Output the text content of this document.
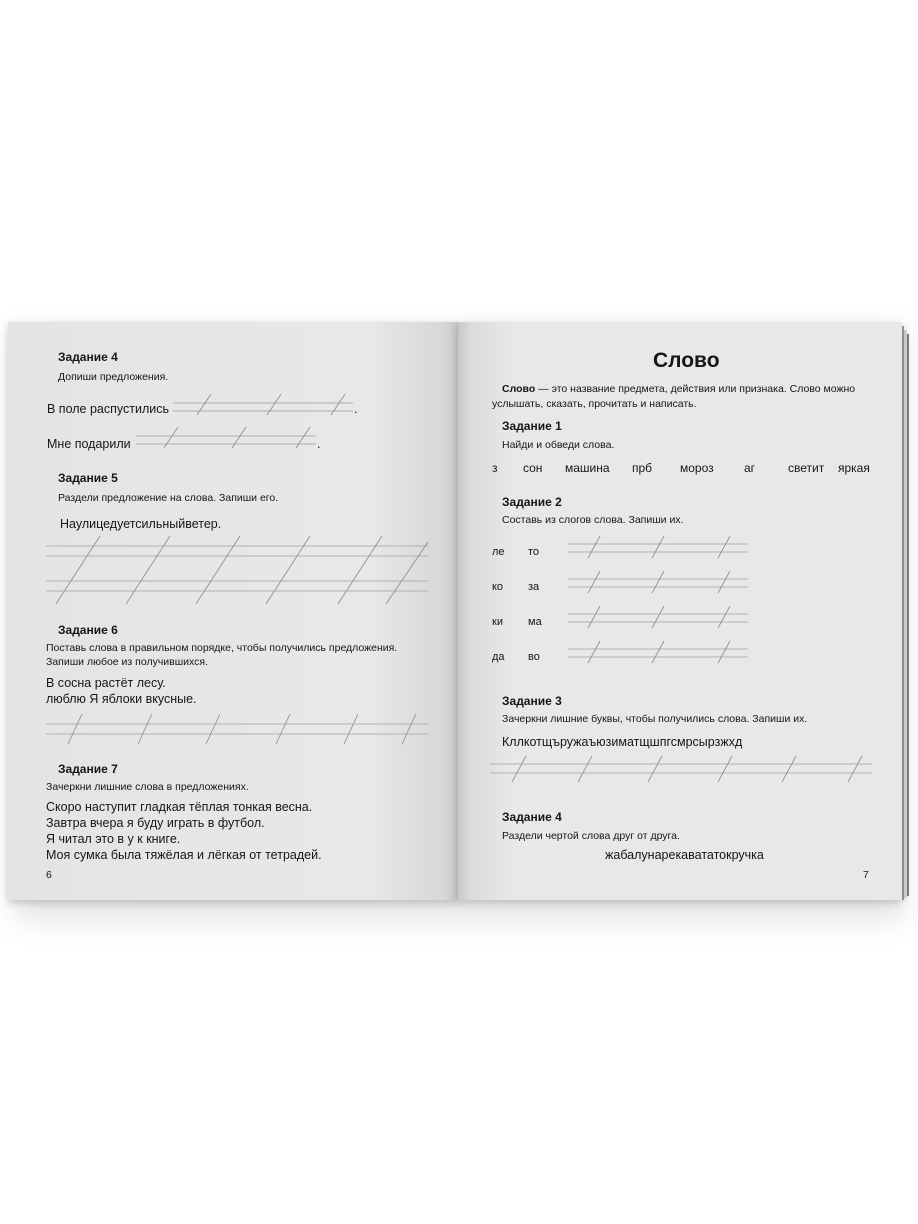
Задание 4
Допиши предложения.
В поле распустились	.
Мне подарили	.
Задание 5
Раздели предложение на слова. Запиши его.
Наулицедуетсильныйветер.
Задание 6
Поставь слова в правильном порядке, чтобы получились предложения.
Запиши любое из получившихся.
В сосна растёт лесу.
люблю Я яблоки вкусные.
Задание 7
Зачеркни лишние слова в предложениях.
Скоро наступит гладкая тёплая тонкая весна.
Завтра вчера я буду играть в футбол.
Я читал это в у к книге.
Моя сумка была тяжёлая и лёгкая от тетрадей.
6
Слово
Слово — это название предмета, действия или признака. Слово можно
услышать, сказать, прочитать и написать.
Задание 1
Найди и обведи слова.
з сон машина прб мороз	аг	светит яркая
Задание 2
Составь из слогов слова. Запиши их.
ле то
ко за
ки ма
да во
Задание 3
Зачеркни лишние буквы, чтобы получились слова. Запиши их.
Кллкотщъружаъюзиматщшпгсмрсырзжхд
Задание 4
Раздели чертой слова друг от друга.
жабалунарекавататокручка
7
